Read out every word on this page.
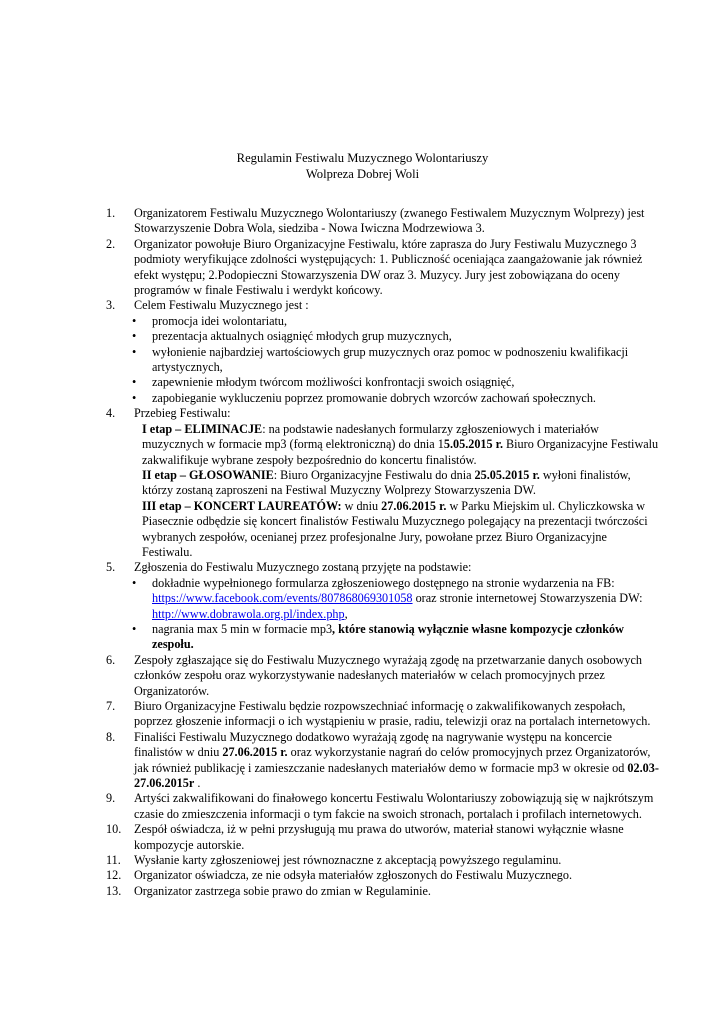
Regulamin Festiwalu Muzycznego Wolontariuszy
Wolpreza Dobrej Woli
1. Organizatorem Festiwalu Muzycznego Wolontariuszy (zwanego Festiwalem Muzycznym Wolprezy) jest Stowarzyszenie Dobra Wola, siedziba - Nowa Iwiczna Modrzewiowa 3.
2. Organizator powołuje Biuro Organizacyjne Festiwalu, które zaprasza do Jury Festiwalu Muzycznego 3 podmioty weryfikujące zdolności występujących: 1. Publiczność oceniająca zaangażowanie jak również efekt występu; 2.Podopieczni Stowarzyszenia DW oraz 3. Muzycy. Jury jest zobowiązana do oceny programów w finale Festiwalu i werdykt końcowy.
3. Celem Festiwalu Muzycznego jest :
• promocja idei wolontariatu,
• prezentacja aktualnych osiągnięć młodych grup muzycznych,
• wyłonienie najbardziej wartościowych grup muzycznych oraz pomoc w podnoszeniu kwalifikacji artystycznych,
• zapewnienie młodym twórcom możliwości konfrontacji swoich osiągnięć,
• zapobieganie wykluczeniu poprzez promowanie dobrych wzorców zachowań społecznych.
4. Przebieg Festiwalu:
I etap – ELIMINACJE: na podstawie nadesłanych formularzy zgłoszeniowych i materiałów muzycznych w formacie mp3 (formą elektroniczną) do dnia 15.05.2015 r. Biuro Organizacyjne Festiwalu zakwalifikuje wybrane zespoły bezpośrednio do koncertu finalistów.
II etap – GŁOSOWANIE: Biuro Organizacyjne Festiwalu do dnia 25.05.2015 r. wyłoni finalistów, którzy zostaną zaproszeni na Festiwal Muzyczny Wolprezy Stowarzyszenia DW.
III etap – KONCERT LAUREATÓW: w dniu 27.06.2015 r. w Parku Miejskim ul. Chyliczkowska w Piasecznie odbędzie się koncert finalistów Festiwalu Muzycznego polegający na prezentacji twórczości wybranych zespołów, ocenianej przez profesjonalne Jury, powołane przez Biuro Organizacyjne Festiwalu.
5. Zgłoszenia do Festiwalu Muzycznego zostaną przyjęte na podstawie:
• dokładnie wypełnionego formularza zgłoszeniowego dostępnego na stronie wydarzenia na FB: https://www.facebook.com/events/807868069301058 oraz stronie internetowej Stowarzyszenia DW: http://www.dobrawola.org.pl/index.php,
• nagrania max 5 min w formacie mp3, które stanowią wyłącznie własne kompozycje członków zespołu.
6. Zespoły zgłaszające się do Festiwalu Muzycznego wyrażają zgodę na przetwarzanie danych osobowych członków zespołu oraz wykorzystywanie nadesłanych materiałów w celach promocyjnych przez Organizatorów.
7. Biuro Organizacyjne Festiwalu będzie rozpowszechniać informację o zakwalifikowanych zespołach, poprzez głoszenie informacji o ich wystąpieniu w prasie, radiu, telewizji oraz na portalach internetowych.
8. Finaliści Festiwalu Muzycznego dodatkowo wyrażają zgodę na nagrywanie występu na koncercie finalistów w dniu 27.06.2015 r. oraz wykorzystanie nagrań do celów promocyjnych przez Organizatorów, jak również publikację i zamieszczanie nadesłanych materiałów demo w formacie mp3 w okresie od 02.03-27.06.2015r .
9. Artyści zakwalifikowani do finałowego koncertu Festiwalu Wolontariuszy zobowiązują się w najkrótszym czasie do zmieszczenia informacji o tym fakcie na swoich stronach, portalach i profilach internetowych.
10. Zespół oświadcza, iż w pełni przysługują mu prawa do utworów, materiał stanowi wyłącznie własne kompozycje autorskie.
11. Wysłanie karty zgłoszeniowej jest równoznaczne z akceptacją powyższego regulaminu.
12. Organizator oświadcza, ze nie odsyła materiałów zgłoszonych do Festiwalu Muzycznego.
13. Organizator zastrzega sobie prawo do zmian w Regulaminie.
